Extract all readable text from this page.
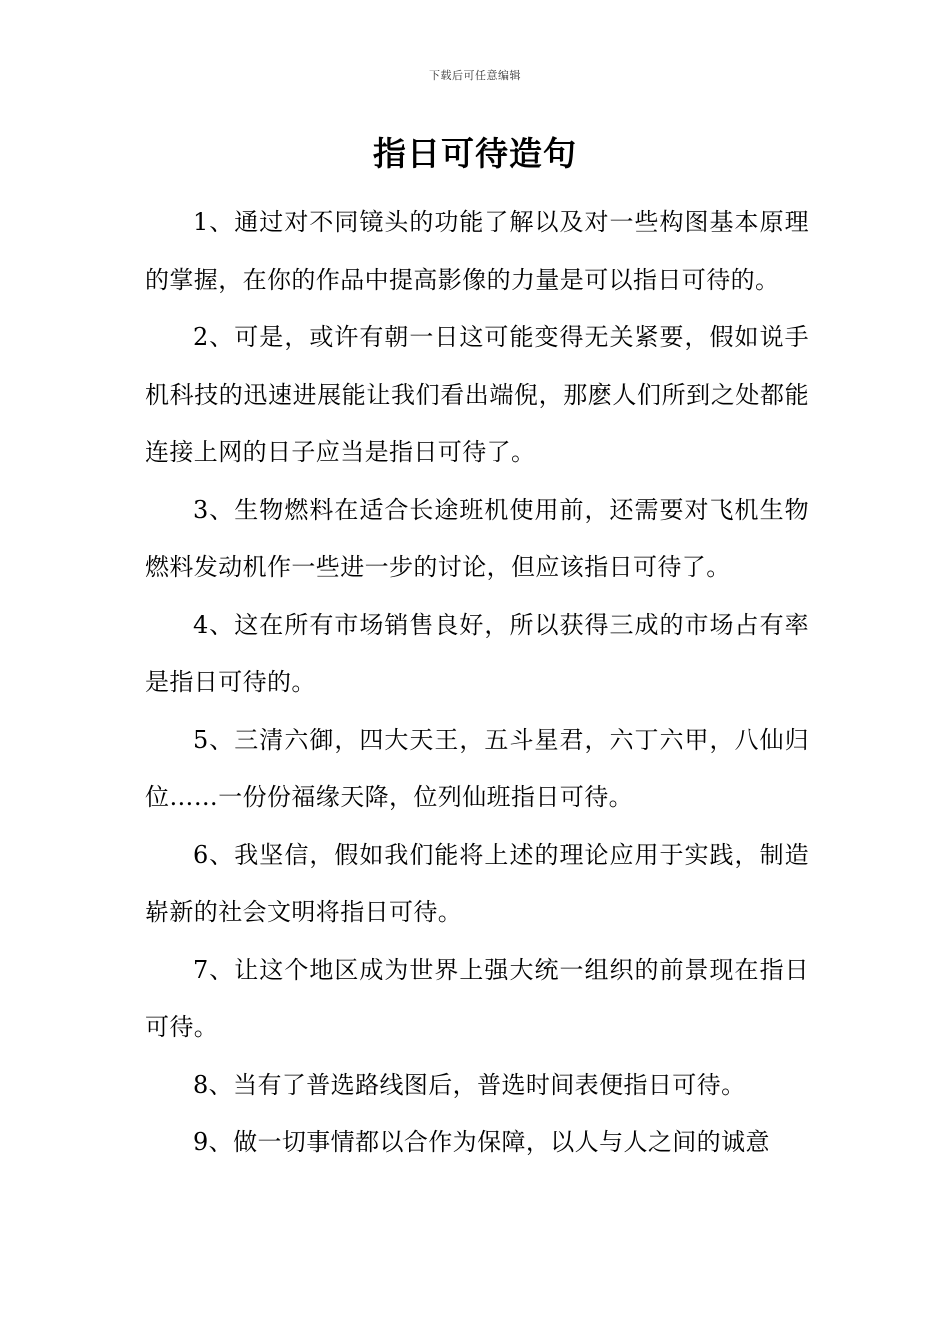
下载后可任意编辑
指日可待造句

1、通过对不同镜头的功能了解以及对一些构图基本原理的掌握，在你的作品中提高影像的力量是可以指日可待的。

2、可是，或许有朝一日这可能变得无关紧要，假如说手机科技的迅速进展能让我们看出端倪，那麽人们所到之处都能连接上网的日子应当是指日可待了。

3、生物燃料在适合长途班机使用前，还需要对飞机生物燃料发动机作一些进一步的讨论，但应该指日可待了。

4、这在所有市场销售良好，所以获得三成的市场占有率是指日可待的。

5、三清六御，四大天王，五斗星君，六丁六甲，八仙归位……一份份福缘天降，位列仙班指日可待。

6、我坚信，假如我们能将上述的理论应用于实践，制造崭新的社会文明将指日可待。

7、让这个地区成为世界上强大统一组织的前景现在指日可待。

8、当有了普选路线图后，普选时间表便指日可待。

9、做一切事情都以合作为保障，以人与人之间的诚意
